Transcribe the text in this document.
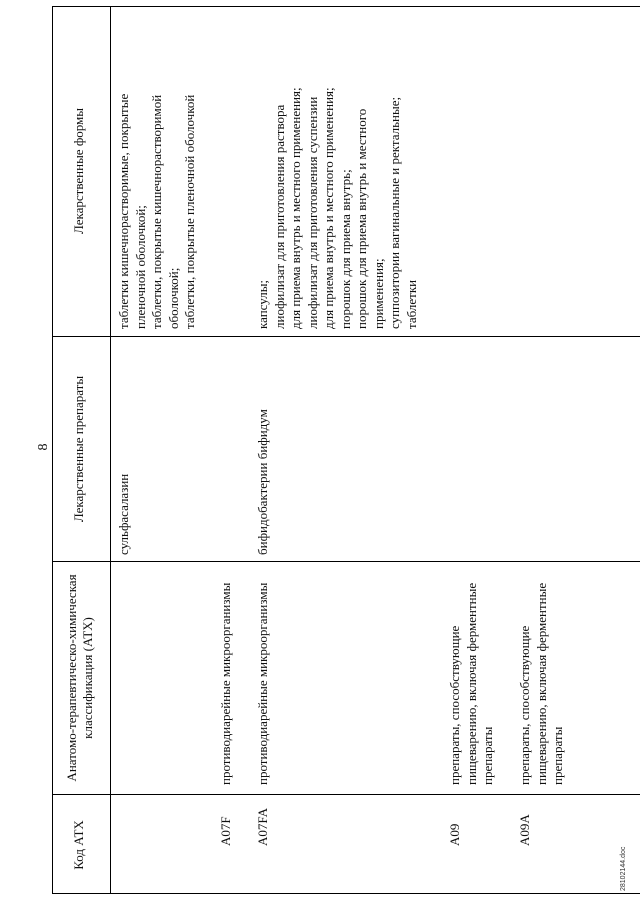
8
Код АТХ
Анатомо-терапевтическо-химическая классификация (АТХ)
Лекарственные препараты
Лекарственные формы
сульфасалазин
таблетки кишечнорастворимые, покрытые
пленочной оболочкой;
таблетки, покрытые кишечнорастворимой
оболочкой;
таблетки, покрытые пленочной оболочкой
A07F
противодиарейные микроорганизмы
A07FA
противодиарейные микроорганизмы
бифидобактерии бифидум
капсулы;
лиофилизат для приготовления раствора
для приема внутрь и местного применения;
лиофилизат для приготовления суспензии
для приема внутрь и местного применения;
порошок для приема внутрь;
порошок для приема внутрь и местного
применения;
суппозитории вагинальные и ректальные;
таблетки
A09
препараты, способствующие
пищеварению, включая ферментные
препараты
A09A
препараты, способствующие
пищеварению, включая ферментные
препараты
28102144.doc
